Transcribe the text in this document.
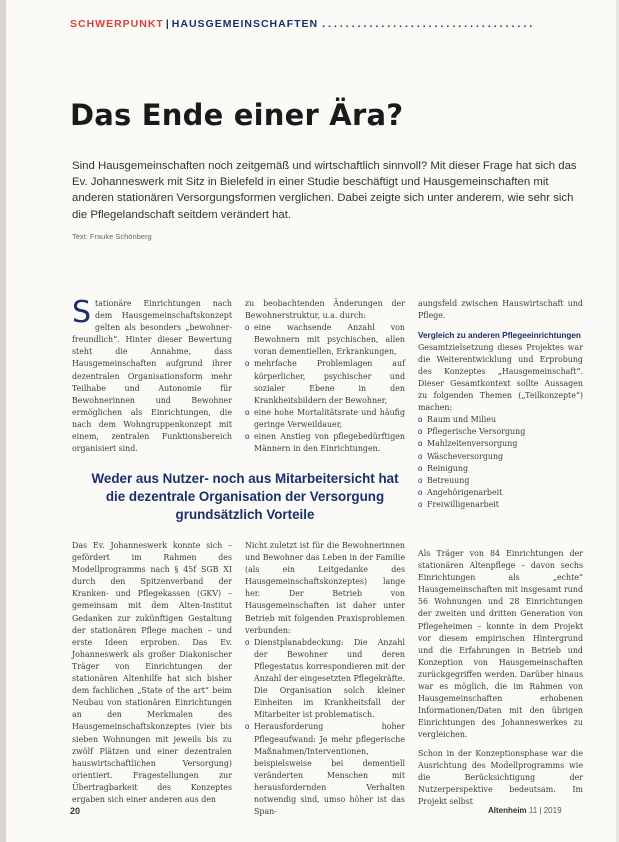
SCHWERPUNKT | HAUSGEMEINSCHAFTEN ....................................
Das Ende einer Ära?
Sind Hausgemeinschaften noch zeitgemäß und wirtschaftlich sinnvoll? Mit dieser Frage hat sich das Ev. Johanneswerk mit Sitz in Bielefeld in einer Studie beschäftigt und Hausgemeinschaften mit anderen stationären Versorgungsformen verglichen. Dabei zeigte sich unter anderem, wie sehr sich die Pflegelandschaft seitdem verändert hat.
Text: Frauke Schönberg
Stationäre Einrichtungen nach dem Hausgemeinschaftskonzept gelten als besonders „bewohner-freundlich“. Hinter dieser Bewertung steht die Annahme, dass Hausgemeinschaften aufgrund ihrer dezentralen Organisationsform mehr Teilhabe und Autonomie für Bewohnerinnen und Bewohner ermöglichen als Einrichtungen, die nach dem Wohngruppenkonzept mit einem, zentralen Funktionsbereich organisiert sind.
zu beobachtenden Änderungen der Bewohnerstruktur, u.a. durch:
o eine wachsende Anzahl von Bewohnern mit psychischen, allen voran dementiellen, Erkrankungen,
o mehrfache Problemlagen auf körperlicher, psychischer und sozialer Ebene in den Krankheitsbildern der Bewohner,
o eine hohe Mortalitätsrate und häufig geringe Verweildauer,
o einen Anstieg von pflegebedürftigen Männern in den Einrichtungen.
aungsfeld zwischen Hauswirtschaft und Pflege.
Vergleich zu anderen Pflegeeinrichtungen
Gesamtzielsetzung dieses Projektes war die Weiterentwicklung und Erprobung des Konzeptes „Hausgemeinschaft“. Dieser Gesamtkontext sollte Aussagen zu folgenden Themen („Teilkonzepte“) machen:
o Raum und Milieu
o Pflegerische Versorgung
o Mahlzeitenversorgung
o Wäscheversorgung
o Reinigung
o Betreuung
o Angehörigenarbeit
o Freiwilligenarbeit
Weder aus Nutzer- noch aus Mitarbeitersicht hat die dezentrale Organisation der Versorgung grundsätzlich Vorteile
Das Ev. Johanneswerk konnte sich – gefördert im Rahmen des Modellprogramms nach § 45f SGB XI durch den Spitzenverband der Kranken- und Pflegekassen (GKV) – gemeinsam mit dem Alten-Institut Gedanken zur zukünftigen Gestaltung der stationären Pflege machen – und erste Ideen erproben. Das Ev. Johanneswerk als großer Diakonischer Träger von Einrichtungen der stationären Altenhilfe hat sich bisher dem fachlichen „State of the art“ beim Neubau von stationären Einrichtungen an den Merkmalen des Hausgemeinschaftskonzeptes (vier bis sieben Wohnungen mit jeweils bis zu zwölf Plätzen und einer dezentralen hauswirtschaftlichen Versorgung) orientiert. Fragestellungen zur Übertragbarkeit des Konzeptes ergaben sich einer anderen aus den
Nicht zuletzt ist für die Bewohnerinnen und Bewohner das Leben in der Familie (als ein Leitgedanke des Hausgemeinschaftskonzeptes) lange her. Der Betrieb von Hausgemeinschaften ist daher unter Betrieb mit folgenden Praxisproblemen verbunden:
o Dienstplanabdeckung: Die Anzahl der Bewohner und deren Pflegestatus korrespondieren mit der Anzahl der eingesetzten Pflegekräfte. Die Organisation solch kleiner Einheiten im Krankheitsfall der Mitarbeiter ist problematisch.
o Herausforderung hoher Pflegeaufwand: Je mehr pflegerische Maßnahmen/Interventionen, beispielsweise bei dementiell veränderten Menschen mit herausfordernden Verhalten notwendig sind, umso höher ist das Span-
Als Träger von 84 Einrichtungen der stationären Altenpflege – davon sechs Einrichtungen als „echte“ Hausgemeinschaften mit insgesamt rund 56 Wohnungen und 28 Einrichtungen der zweiten und dritten Generation von Pflegeheimen – konnte in dem Projekt vor diesem empirischen Hintergrund und die Erfahrungen in Betrieb und Konzeption von Hausgemeinschaften zurückgegriffen werden. Darüber hinaus war es möglich, die im Rahmen von Hausgemeinschaften erhobenen Informationen/Daten mit den übrigen Einrichtungen des Johanneswerkes zu vergleichen.
Schon in der Konzeptionsphase war die Ausrichtung des Modellprogramms wie die Berücksichtigung der Nutzerperspektive bedeutsam. Im Projekt selbst
20	Altenheim 11 | 2019
